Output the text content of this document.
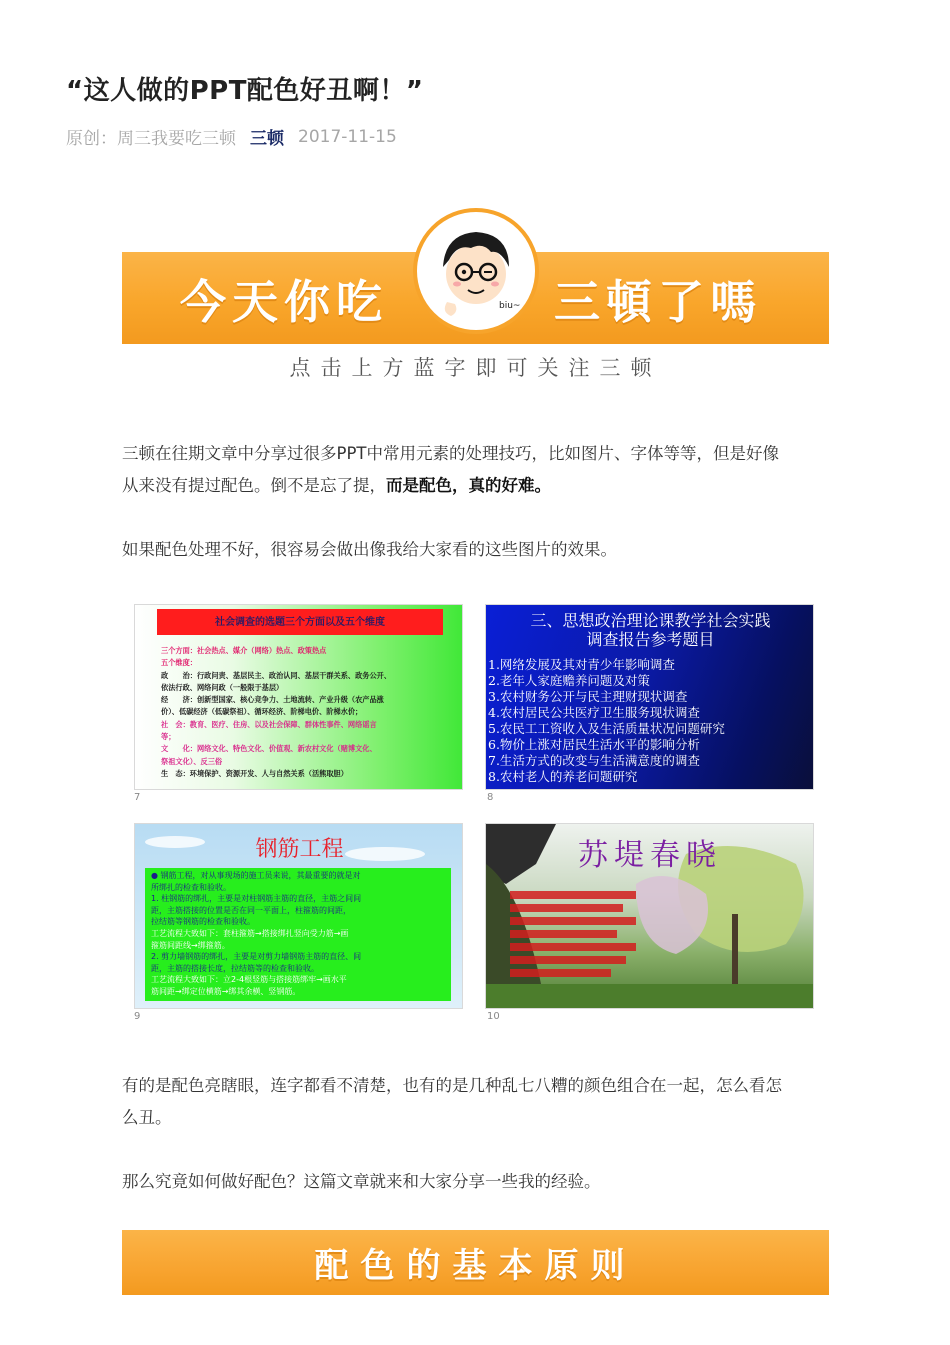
“这人做的PPT配色好丑啊！”
原创： 周三我要吃三顿 三顿 2017-11-15
今天你吃	三頓了嗎
biu~
点击上方蓝字即可关注三顿
三顿在往期文章中分享过很多PPT中常用元素的处理技巧，比如图片、字体等等，但是好像
从来没有提过配色。倒不是忘了提，而是配色，真的好难。
如果配色处理不好，很容易会做出像我给大家看的这些图片的效果。
社会调查的选题三个方面以及五个维度
三个方面：社会热点、媒介（网络）热点、政策热点
五个维度：
政　　治：行政问责、基层民主、政治认同、基层干群关系、政务公开、
依法行政、网络问政（一般限于基层）
经　　济：创新型国家、核心竞争力、土地流转、产业升级（农产品涨
价）、低碳经济（低碳祭祖）、循环经济、阶梯电价、阶梯水价；
社　会：教育、医疗、住房、以及社会保障、群体性事件、网络谣言
等；
文　　化：网络文化、特色文化、价值观、新农村文化（赌博文化、
祭祖文化）、反三俗
生　态：环境保护、资源开发、人与自然关系（活熊取胆）
7
三、思想政治理论课教学社会实践
调查报告参考题目
1.网络发展及其对青少年影响调查
2.老年人家庭赡养问题及对策
3.农村财务公开与民主理财现状调查
4.农村居民公共医疗卫生服务现状调查
5.农民工工资收入及生活质量状况问题研究
6.物价上涨对居民生活水平的影响分析
7.生活方式的改变与生活满意度的调查
8.农村老人的养老问题研究
8
钢筋工程
● 钢筋工程，对从事现场的施工员来说，其最重要的就是对
所绑扎的检查和验收。
1. 柱钢筋的绑扎，主要是对柱钢筋主筋的直径，主筋之间间
距，主筋搭接的位置是否在同一平面上，柱箍筋的间距，
拉结筋等钢筋的检查和验收。
工艺流程大致如下：套柱箍筋→搭接绑扎竖向受力筋→画
箍筋间距线→绑箍筋。
2. 剪力墙钢筋的绑扎，主要是对剪力墙钢筋主筋的直径、间
距，主筋的搭接长度，拉结筋等的检查和验收。
工艺流程大致如下：立2-4根竖筋与搭接筋绑牢→画水平
筋间距→绑定位横筋→绑其余横、竖钢筋。
9
苏堤春晓
10
有的是配色亮瞎眼，连字都看不清楚，也有的是几种乱七八糟的颜色组合在一起，怎么看怎
么丑。
那么究竟如何做好配色？这篇文章就来和大家分享一些我的经验。
配色的基本原则
